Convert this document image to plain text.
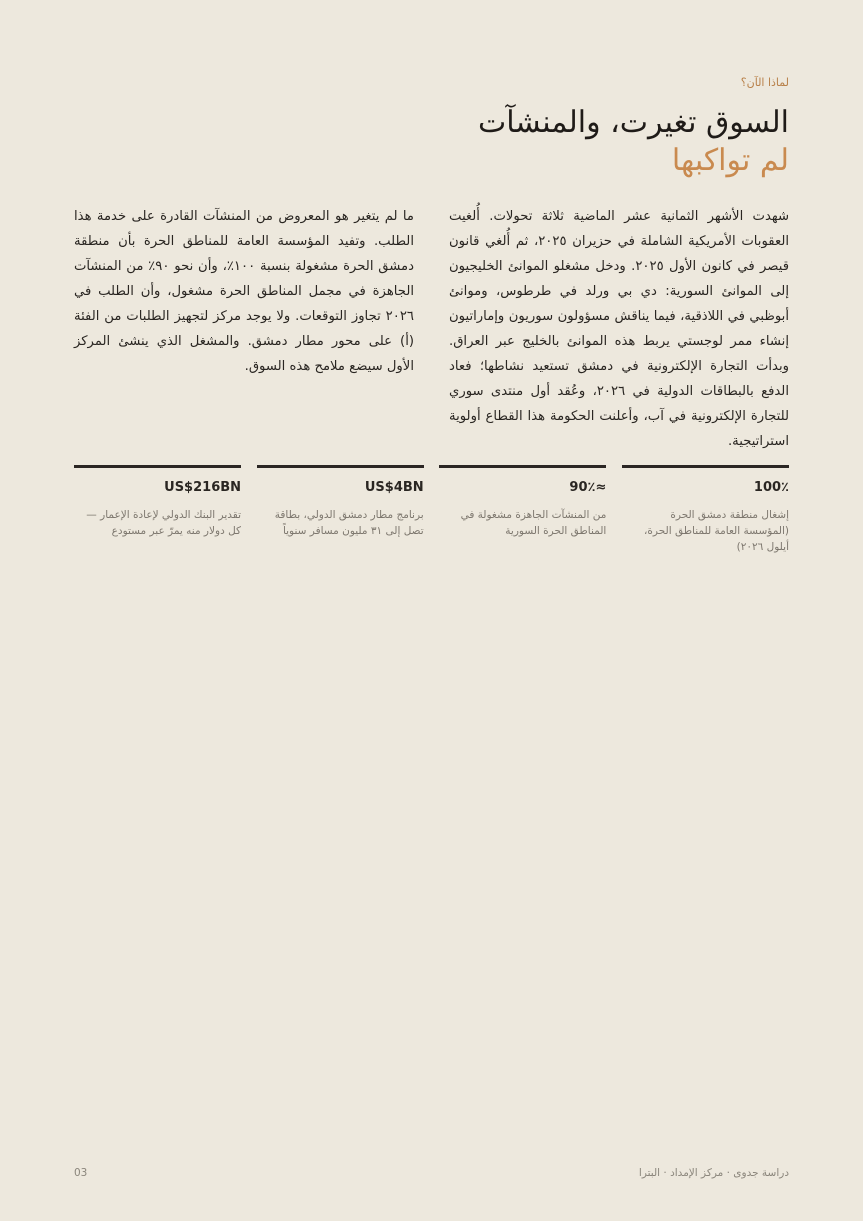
لماذا الآن؟
السوق تغيرت، والمنشآت
لم تواكبها

شهدت الأشهر الثمانية عشر الماضية ثلاثة تحولات. أُلغيت العقوبات الأمريكية الشاملة في حزيران ٢٠٢٥، ثم أُلغي قانون قيصر في كانون الأول ٢٠٢٥. ودخل مشغلو الموانئ الخليجيون إلى الموانئ السورية: دي بي ورلد في طرطوس، وموانئ أبوظبي في اللاذقية، فيما يناقش مسؤولون سوريون وإماراتيون إنشاء ممر لوجستي يربط هذه الموانئ بالخليج عبر العراق. وبدأت التجارة الإلكترونية في دمشق تستعيد نشاطها؛ فعاد الدفع بالبطاقات الدولية في ٢٠٢٦، وعُقد أول منتدى سوري للتجارة الإلكترونية في آب، وأعلنت الحكومة هذا القطاع أولوية استراتيجية.

ما لم يتغير هو المعروض من المنشآت القادرة على خدمة هذا الطلب. وتفيد المؤسسة العامة للمناطق الحرة بأن منطقة دمشق الحرة مشغولة بنسبة ١٠٠٪، وأن نحو ٩٠٪ من المنشآت الجاهزة في مجمل المناطق الحرة مشغول، وأن الطلب في ٢٠٢٦ تجاوز التوقعات. ولا يوجد مركز لتجهيز الطلبات من الفئة (أ) على محور مطار دمشق. والمشغل الذي ينشئ المركز الأول سيضع ملامح هذه السوق.

100٪
إشغال منطقة دمشق الحرة (المؤسسة العامة للمناطق الحرة، أيلول ٢٠٢٦)
≈90٪
من المنشآت الجاهزة مشغولة في المناطق الحرة السورية
US$4BN
برنامج مطار دمشق الدولي، بطاقة تصل إلى ٣١ مليون مسافر سنوياً
US$216BN
تقدير البنك الدولي لإعادة الإعمار — كل دولار منه يمرّ عبر مستودع
دراسة جدوى · مركز الإمداد · البترا
03
